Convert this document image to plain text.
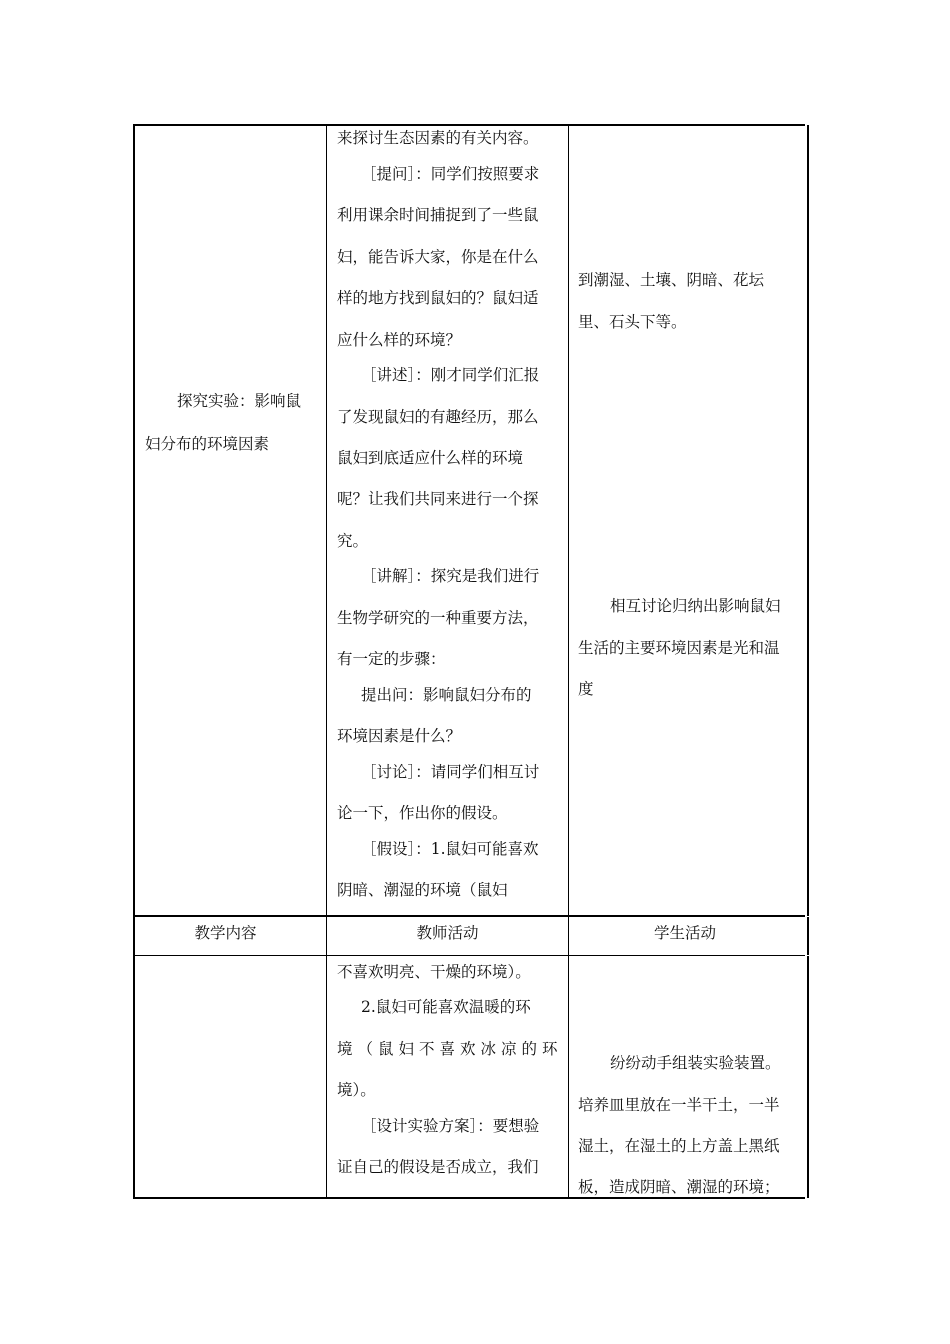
探究实验：影响鼠
妇分布的环境因素
来探讨生态因素的有关内容。
［提问］：同学们按照要求
利用课余时间捕捉到了一些鼠
妇，能告诉大家，你是在什么
样的地方找到鼠妇的？鼠妇适
应什么样的环境？
［讲述］：刚才同学们汇报
了发现鼠妇的有趣经历，那么
鼠妇到底适应什么样的环境
呢？让我们共同来进行一个探
究。
［讲解］：探究是我们进行
生物学研究的一种重要方法，
有一定的步骤：
提出问：影响鼠妇分布的
环境因素是什么？
［讨论］：请同学们相互讨
论一下，作出你的假设。
［假设］：1.鼠妇可能喜欢
阴暗、潮湿的环境（鼠妇
到潮湿、土壤、阴暗、花坛
里、石头下等。
相互讨论归纳出影响鼠妇
生活的主要环境因素是光和温
度
教学内容	教师活动	学生活动
不喜欢明亮、干燥的环境）。
2.鼠妇可能喜欢温暖的环
境（鼠妇不喜欢冰凉的环
境）。
［设计实验方案］：要想验
证自己的假设是否成立，我们
纷纷动手组装实验装置。
培养皿里放在一半干土，一半
湿土，在湿土的上方盖上黑纸
板，造成阴暗、潮湿的环境；
